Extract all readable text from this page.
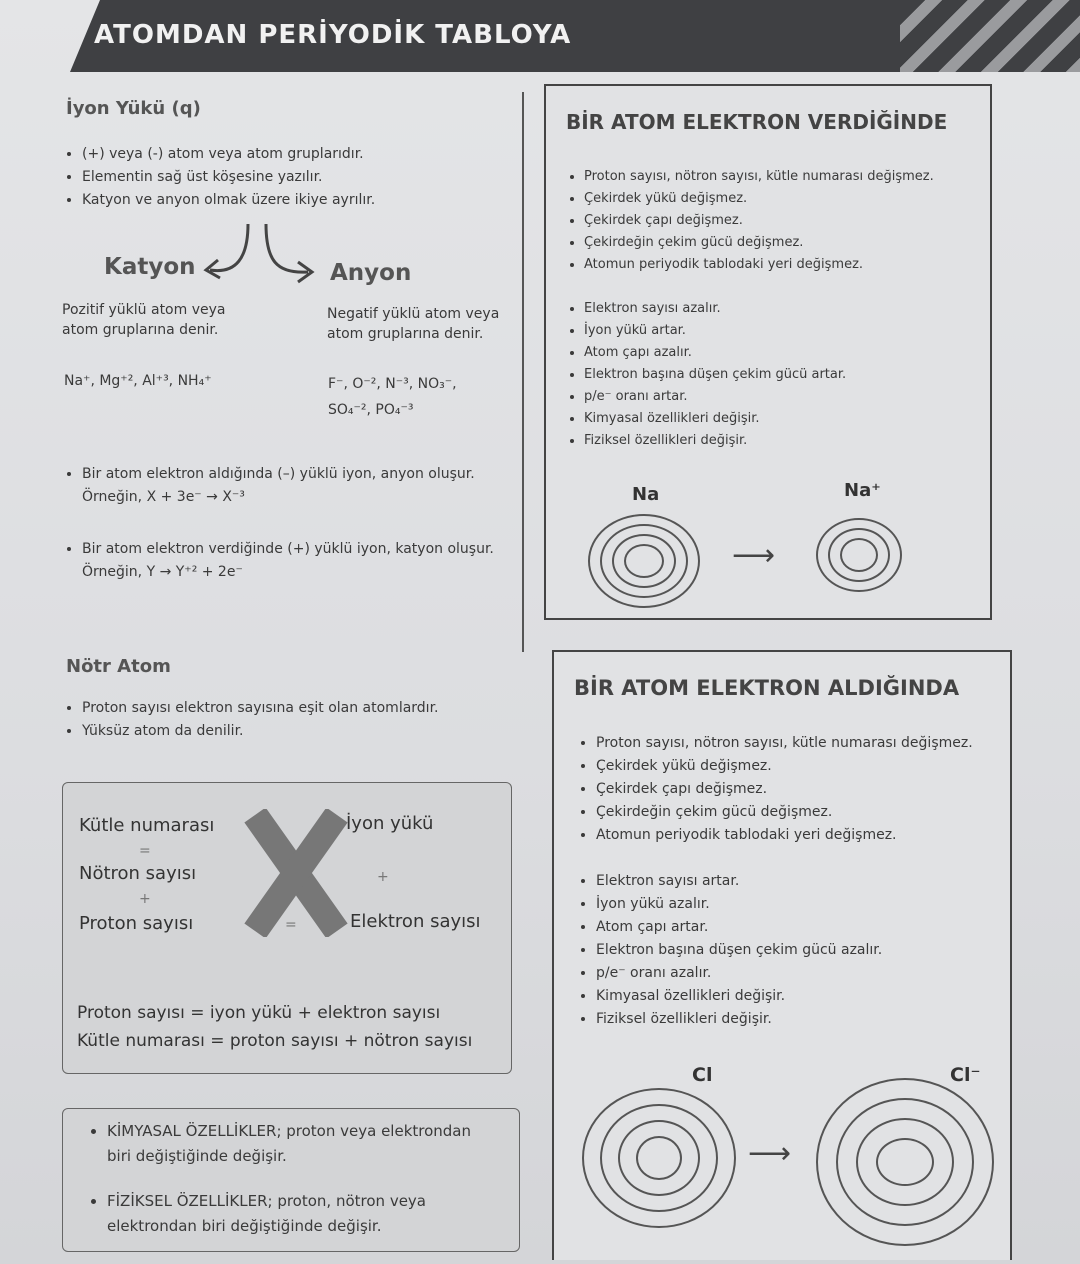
ATOMDAN PERİYODİK TABLOYA
İyon Yükü (q)
• (+) veya (-) atom veya atom gruplarıdır.
• Elementin sağ üst köşesine yazılır.
• Katyon ve anyon olmak üzere ikiye ayrılır.
Katyon	Anyon
Pozitif yüklü atom veya atom gruplarına denir.
Negatif yüklü atom veya atom gruplarına denir.
Na⁺, Mg⁺², Al⁺³, NH₄⁺	F⁻, O⁻², N⁻³, NO₃⁻,
SO₄⁻², PO₄⁻³
• Bir atom elektron aldığında (–) yüklü iyon, anyon oluşur.
Örneğin, X + 3e⁻ → X⁻³
• Bir atom elektron verdiğinde (+) yüklü iyon, katyon oluşur.
Örneğin, Y → Y⁺² + 2e⁻
Nötr Atom
• Proton sayısı elektron sayısına eşit olan atomlardır.
• Yüksüz atom da denilir.
Kütle numarası
=
Nötron sayısı
+
Proton sayısı
İyon yükü
+
Elektron sayısı
=
Proton sayısı = iyon yükü + elektron sayısı
Kütle numarası = proton sayısı + nötron sayısı
• KİMYASAL ÖZELLİKLER; proton veya elektrondan biri değiştiğinde değişir.
• FİZİKSEL ÖZELLİKLER; proton, nötron veya elektrondan biri değiştiğinde değişir.
BİR ATOM ELEKTRON VERDİĞİNDE
• Proton sayısı, nötron sayısı, kütle numarası değişmez.
• Çekirdek yükü değişmez.
• Çekirdek çapı değişmez.
• Çekirdeğin çekim gücü değişmez.
• Atomun periyodik tablodaki yeri değişmez.
• Elektron sayısı azalır.
• İyon yükü artar.
• Atom çapı azalır.
• Elektron başına düşen çekim gücü artar.
• p/e⁻ oranı artar.
• Kimyasal özellikleri değişir.
• Fiziksel özellikleri değişir.
Na	Na⁺
⟶
BİR ATOM ELEKTRON ALDIĞINDA
• Proton sayısı, nötron sayısı, kütle numarası değişmez.
• Çekirdek yükü değişmez.
• Çekirdek çapı değişmez.
• Çekirdeğin çekim gücü değişmez.
• Atomun periyodik tablodaki yeri değişmez.
• Elektron sayısı artar.
• İyon yükü azalır.
• Atom çapı artar.
• Elektron başına düşen çekim gücü azalır.
• p/e⁻ oranı azalır.
• Kimyasal özellikleri değişir.
• Fiziksel özellikleri değişir.
Cl	Cl⁻
⟶
